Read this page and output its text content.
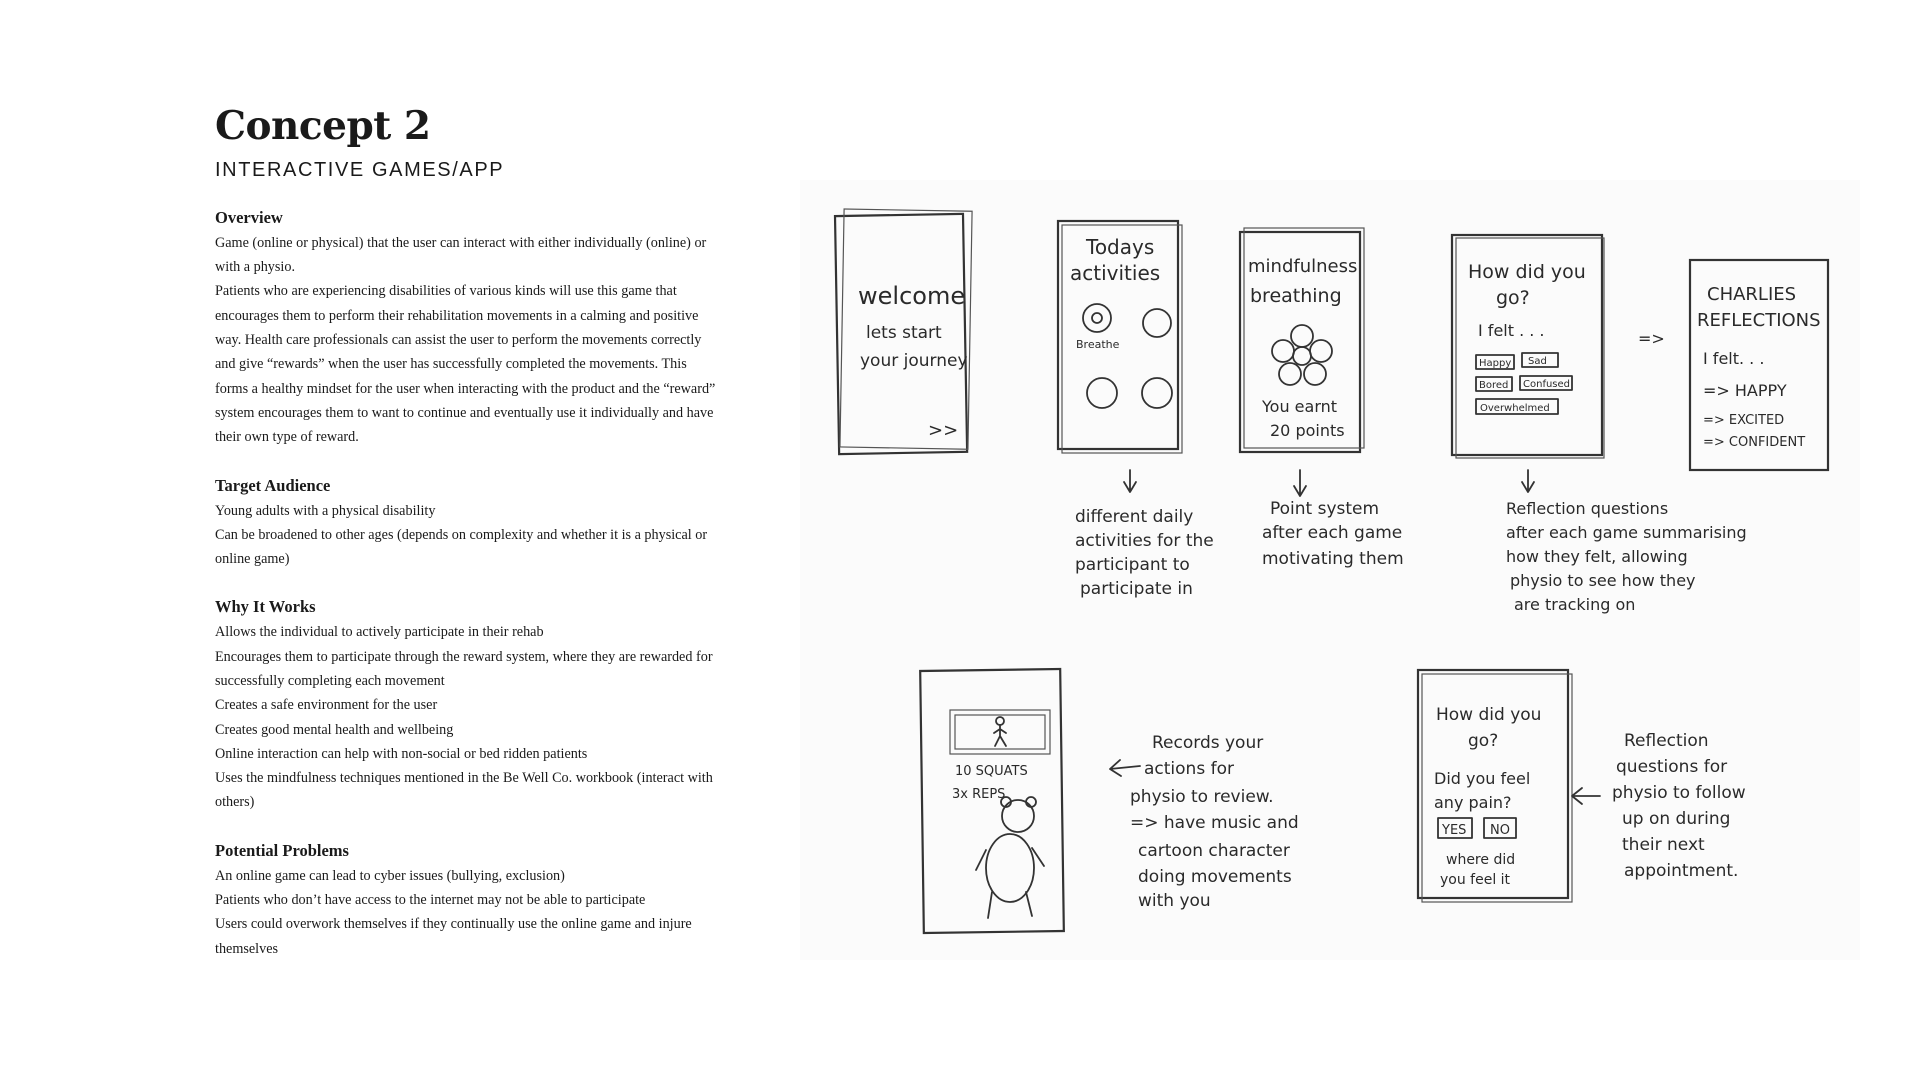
Concept 2
INTERACTIVE GAMES/APP
Overview

Game (online or physical) that the user can interact with either individually (online) or with a physio.

Patients who are experiencing disabilities of various kinds will use this game that encourages them to perform their rehabilitation movements in a calming and positive way. Health care professionals can assist the user to perform the movements correctly and give “rewards” when the user has successfully completed the movements. This forms a healthy mindset for the user when interacting with the product and the “reward” system encourages them to want to continue and eventually use it individually and have their own type of reward.

Target Audience

Young adults with a physical disability

Can be broadened to other ages (depends on complexity and whether it is a physical or online game)

Why It Works

Allows the individual to actively participate in their rehab

Encourages them to participate through the reward system, where they are rewarded for successfully completing each movement

Creates a safe environment for the user

Creates good mental health and wellbeing

Online interaction can help with non-social or bed ridden patients

Uses the mindfulness techniques mentioned in the Be Well Co. workbook (interact with others)

Potential Problems

An online game can lead to cyber issues (bullying, exclusion)

Patients who don’t have access to the internet may not be able to participate

Users could overwork themselves if they continually use the online game and injure themselves

welcome
lets start
your journey
>>
Todays
activities
Breathe
mindfulness
breathing
You earnt
20 points
How did you
go?
I felt . . .
Happy Sad
Bored Confused
Overwhelmed
=>
CHARLIES
REFLECTIONS
I felt. . .
=> HAPPY
=> EXCITED
=> CONFIDENT
different daily
activities for the
participant to
participate in
Point system
after each game
motivating them
Reflection questions
after each game summarising
how they felt, allowing
physio to see how they
are tracking on
10 SQUATS
3x REPS
Records your
actions for
physio to review.
=> have music and
cartoon character
doing movements
with you
How did you
go?
Did you feel
any pain?
YES NO
where did
you feel it
Reflection
questions for
physio to follow
up on during
their next
appointment.
